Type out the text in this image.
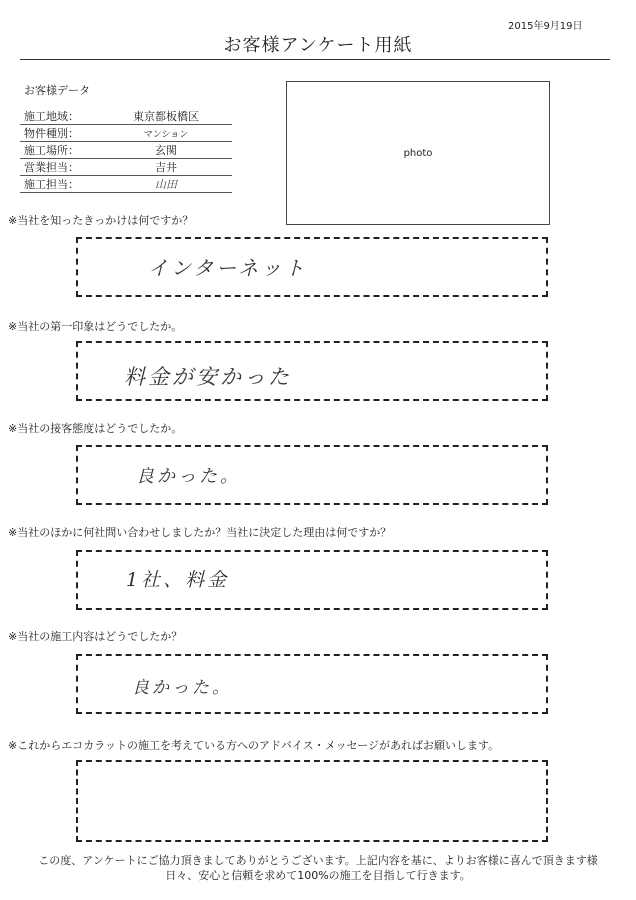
2015年9月19日
お客様アンケート用紙
お客様データ
施工地域：	東京都板橋区
物件種別：	マンション
施工場所：	玄関
営業担当：	吉井
施工担当：	山田
photo
※当社を知ったきっかけは何ですか？
インターネット
※当社の第一印象はどうでしたか。
料金が安かった
※当社の接客態度はどうでしたか。
良かった。
※当社のほかに何社問い合わせしましたか？当社に決定した理由は何ですか？
1社、料金
※当社の施工内容はどうでしたか？
良かった。
※これからエコカラットの施工を考えている方へのアドバイス・メッセージがあればお願いします。
この度、アンケートにご協力頂きましてありがとうございます。上記内容を基に、よりお客様に喜んで頂きます様
日々、安心と信頼を求めて100%の施工を目指して行きます。
